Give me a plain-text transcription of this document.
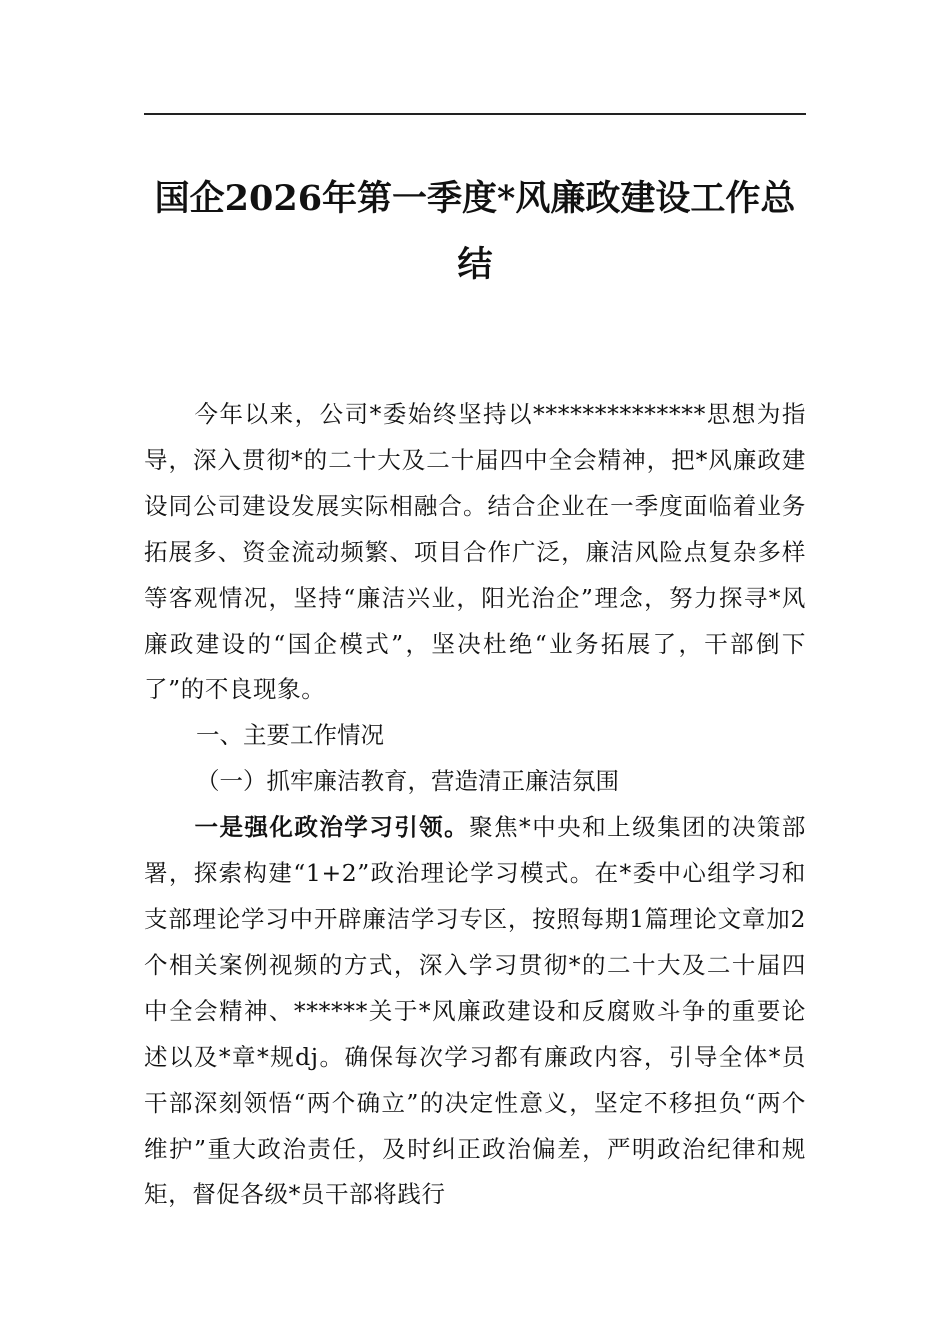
国企2026年第一季度*风廉政建设工作总
结

今年以来，公司*委始终坚持以**************思想为指导，深入贯彻*的二十大及二十届四中全会精神，把*风廉政建设同公司建设发展实际相融合。结合企业在一季度面临着业务拓展多、资金流动频繁、项目合作广泛，廉洁风险点复杂多样等客观情况，坚持“廉洁兴业，阳光治企”理念，努力探寻*风廉政建设的“国企模式”，坚决杜绝“业务拓展了，干部倒下了”的不良现象。

一、主要工作情况

（一）抓牢廉洁教育，营造清正廉洁氛围

一是强化政治学习引领。聚焦*中央和上级集团的决策部署，探索构建“1+2”政治理论学习模式。在*委中心组学习和支部理论学习中开辟廉洁学习专区，按照每期1篇理论文章加2个相关案例视频的方式，深入学习贯彻*的二十大及二十届四中全会精神、******关于*风廉政建设和反腐败斗争的重要论述以及*章*规dj。确保每次学习都有廉政内容，引导全体*员干部深刻领悟“两个确立”的决定性意义，坚定不移担负“两个维护”重大政治责任，及时纠正政治偏差，严明政治纪律和规矩，督促各级*员干部将践行
